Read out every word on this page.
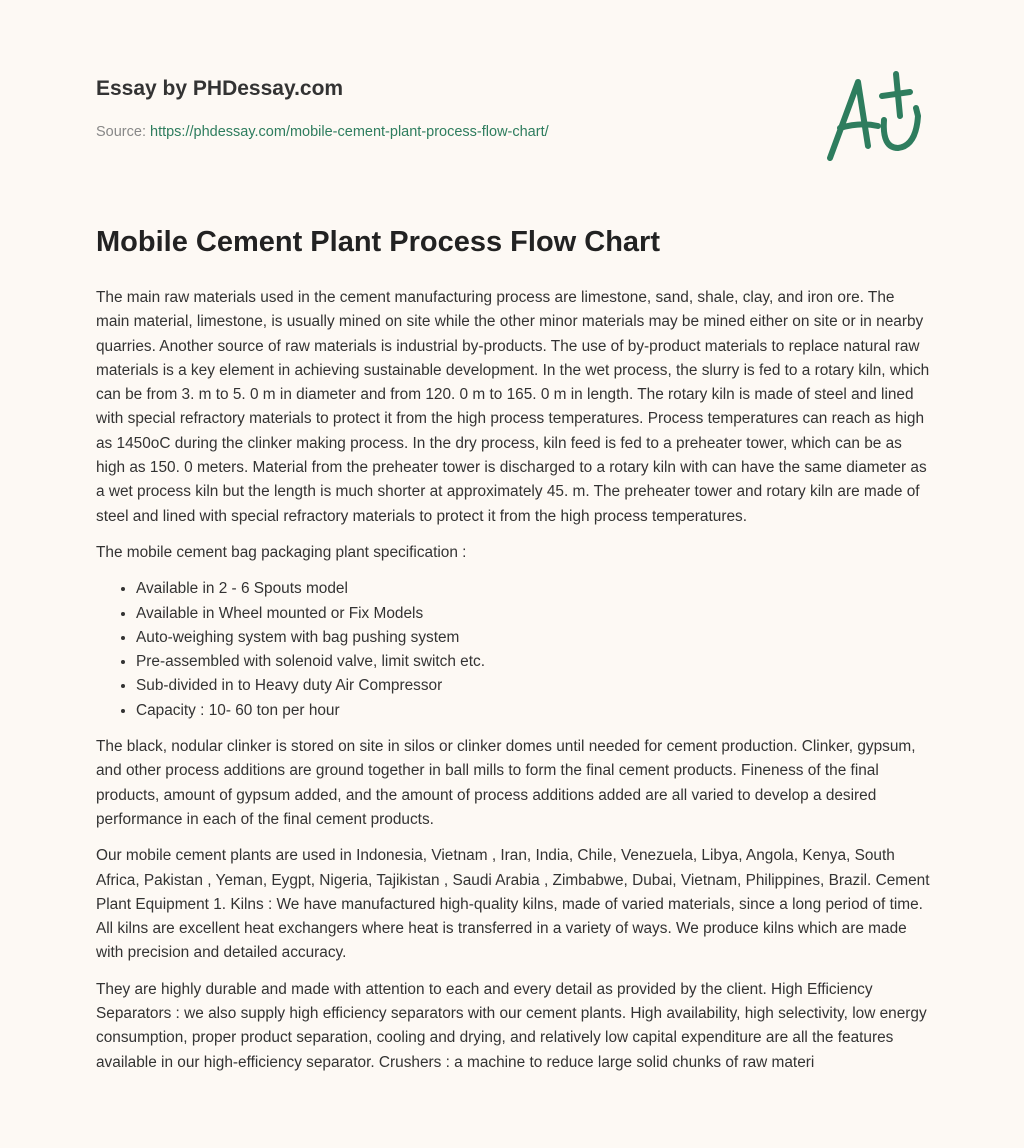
Essay by PHDessay.com

Source: https://phdessay.com/mobile-cement-plant-process-flow-chart/
Mobile Cement Plant Process Flow Chart

The main raw materials used in the cement manufacturing process are limestone, sand, shale, clay, and iron ore. The main material, limestone, is usually mined on site while the other minor materials may be mined either on site or in nearby quarries. Another source of raw materials is industrial by-products. The use of by-product materials to replace natural raw materials is a key element in achieving sustainable development. In the wet process, the slurry is fed to a rotary kiln, which can be from 3. m to 5. 0 m in diameter and from 120. 0 m to 165. 0 m in length. The rotary kiln is made of steel and lined with special refractory materials to protect it from the high process temperatures. Process temperatures can reach as high as 1450oC during the clinker making process. In the dry process, kiln feed is fed to a preheater tower, which can be as high as 150. 0 meters. Material from the preheater tower is discharged to a rotary kiln with can have the same diameter as a wet process kiln but the length is much shorter at approximately 45. m. The preheater tower and rotary kiln are made of steel and lined with special refractory materials to protect it from the high process temperatures.

The mobile cement bag packaging plant specification :

• Available in 2 - 6 Spouts model
• Available in Wheel mounted or Fix Models
• Auto-weighing system with bag pushing system
• Pre-assembled with solenoid valve, limit switch etc.
• Sub-divided in to Heavy duty Air Compressor
• Capacity : 10- 60 ton per hour

The black, nodular clinker is stored on site in silos or clinker domes until needed for cement production. Clinker, gypsum, and other process additions are ground together in ball mills to form the final cement products. Fineness of the final products, amount of gypsum added, and the amount of process additions added are all varied to develop a desired performance in each of the final cement products.

Our mobile cement plants are used in Indonesia, Vietnam , Iran, India, Chile, Venezuela, Libya, Angola, Kenya, South Africa, Pakistan , Yeman, Eygpt, Nigeria, Tajikistan , Saudi Arabia , Zimbabwe, Dubai, Vietnam, Philippines, Brazil. Cement Plant Equipment 1. Kilns : We have manufactured high-quality kilns, made of varied materials, since a long period of time. All kilns are excellent heat exchangers where heat is transferred in a variety of ways. We produce kilns which are made with precision and detailed accuracy.

They are highly durable and made with attention to each and every detail as provided by the client. High Efficiency Separators : we also supply high efficiency separators with our cement plants. High availability, high selectivity, low energy consumption, proper product separation, cooling and drying, and relatively low capital expenditure are all the features available in our high-efficiency separator. Crushers : a machine to reduce large solid chunks of raw materi
